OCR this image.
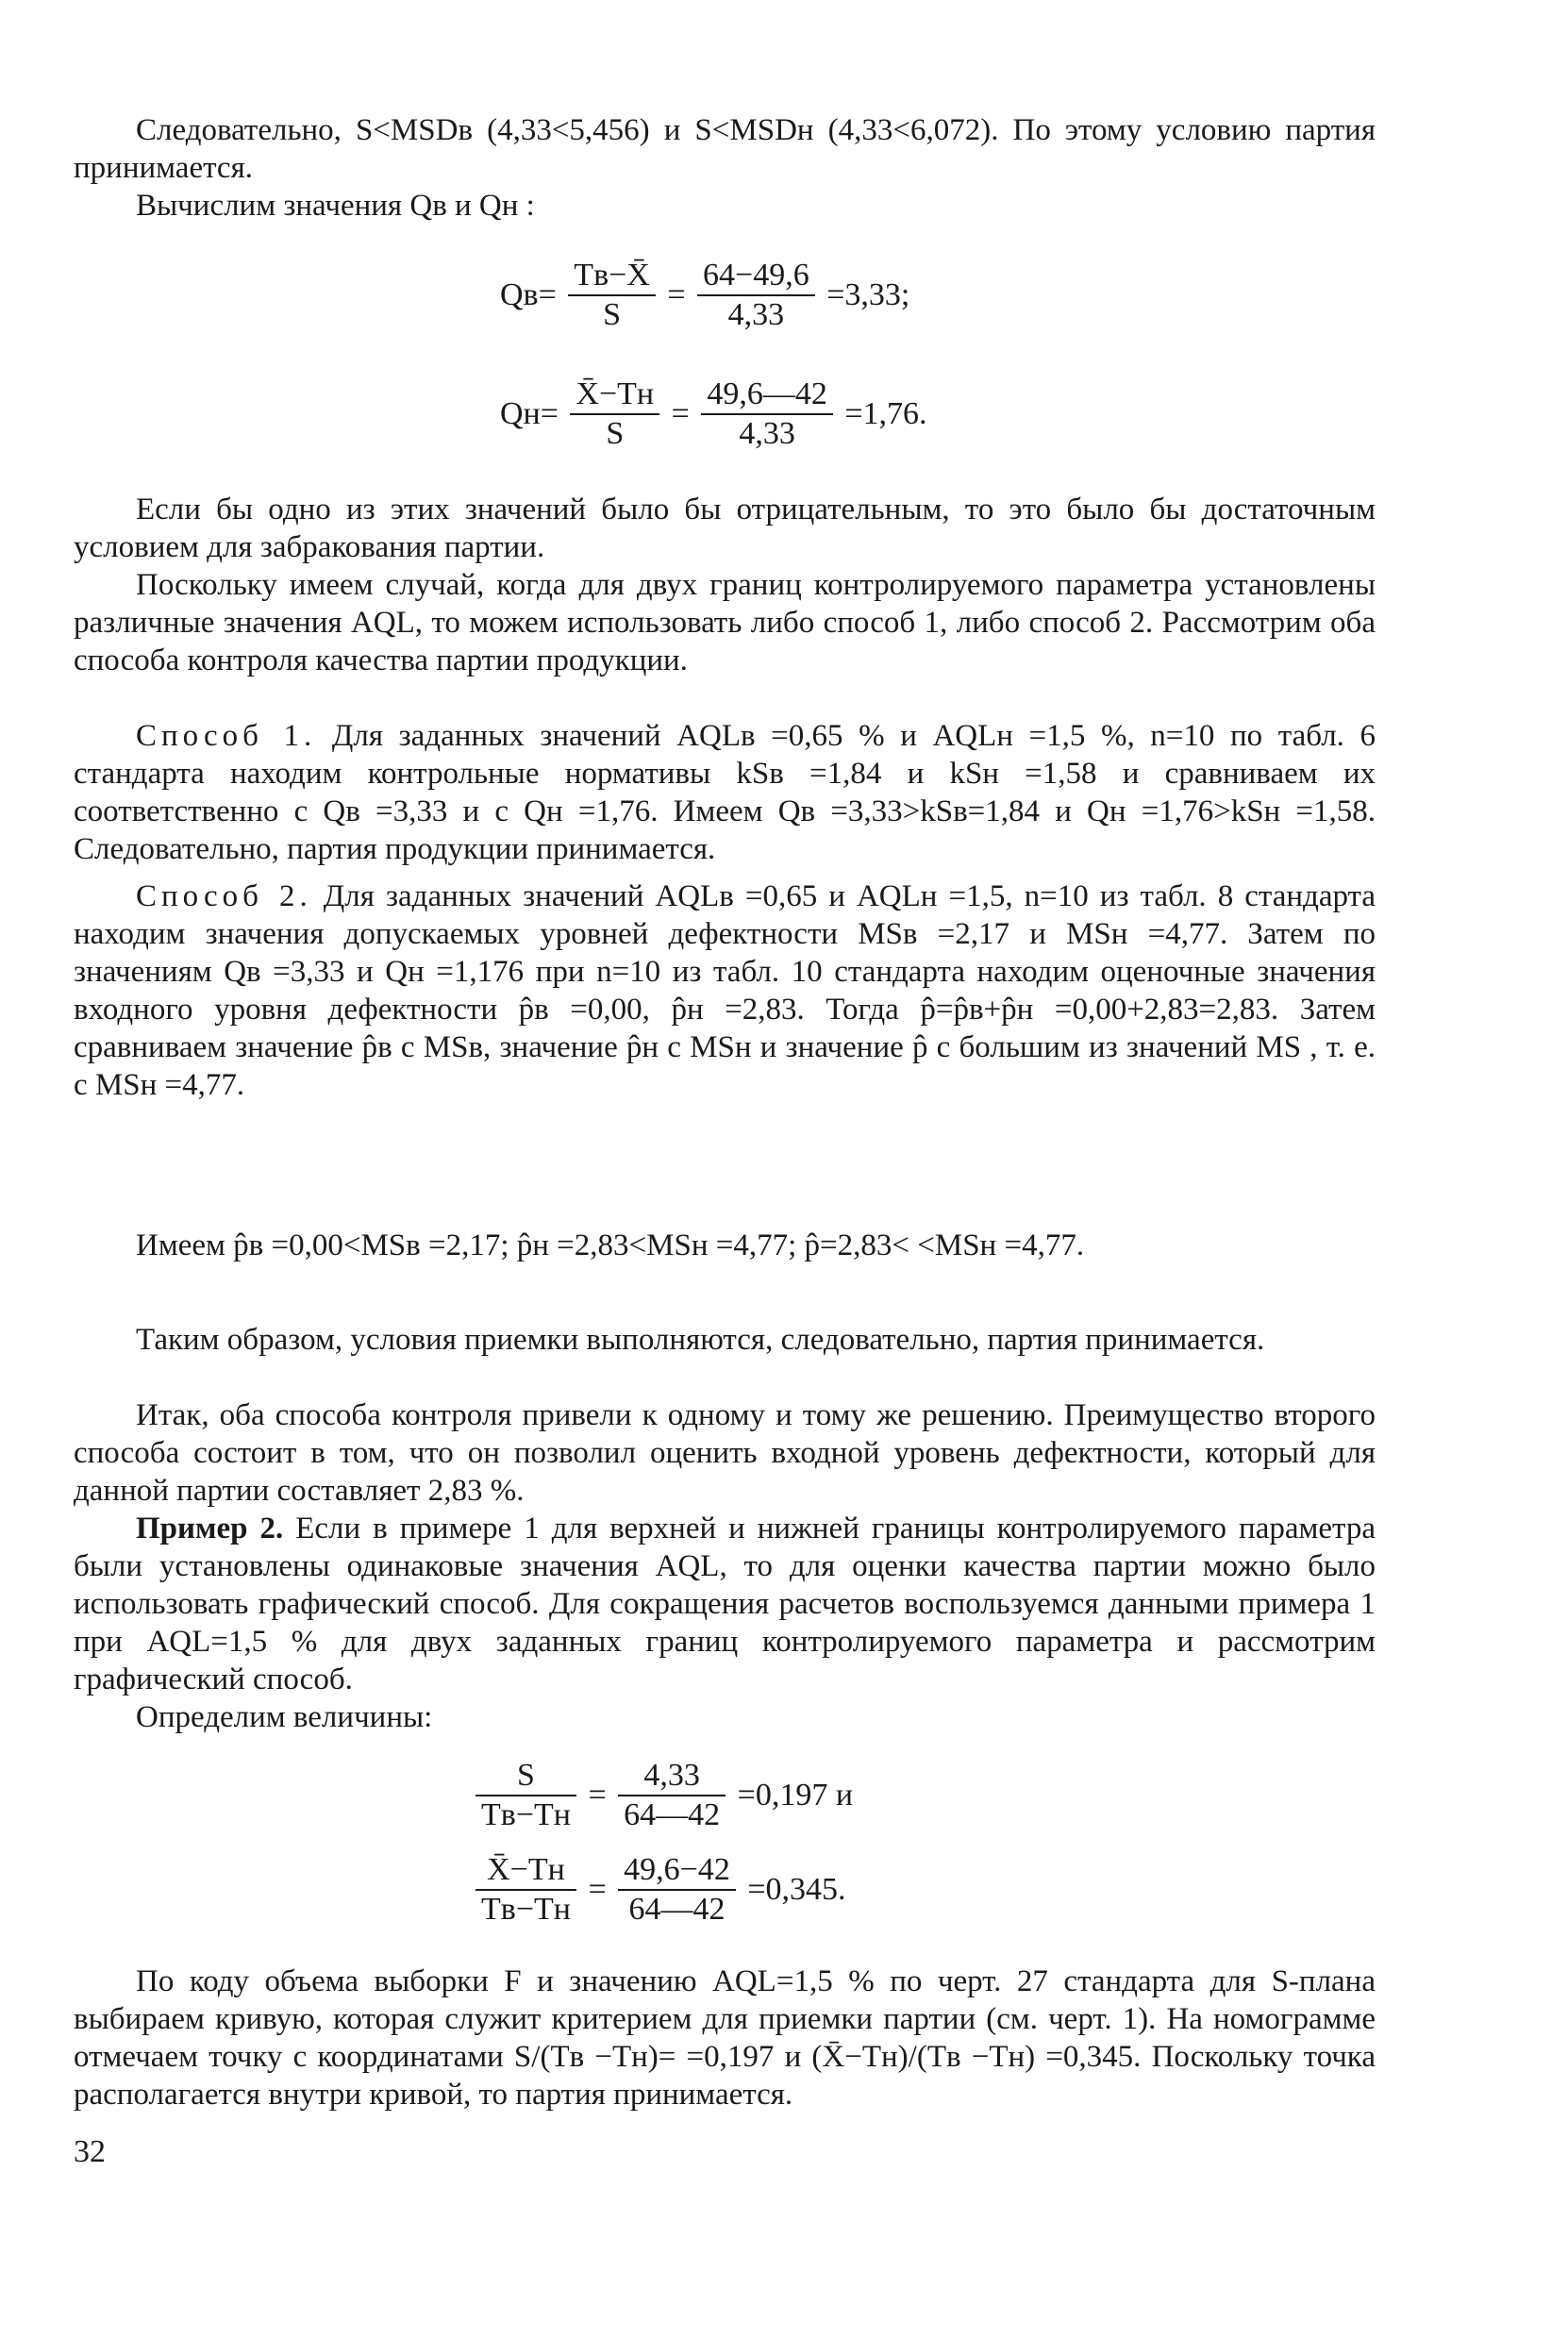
Следовательно, S<MSDв (4,33<5,456) и S<MSDн (4,33<6,072). По этому условию партия принимается.

Вычислим значения Qв и Qн :

$Qв= \frac{Tв-X̄}{S} = \frac{64-49,6}{4,33} =3,33$;
$Qн= \frac{X̄-Tн}{S} = \frac{49,6—42}{4,33} =1,76$.

Если бы одно из этих значений было бы отрицательным, то это было бы достаточным условием для забракования партии.

Поскольку имеем случай, когда для двух границ контролируемого параметра установлены различные значения AQL, то можем использовать либо способ 1, либо способ 2. Рассмотрим оба способа контроля качества партии продукции.

Способ 1. Для заданных значений AQLв =0,65 % и AQLн =1,5 %, n=10 по табл. 6 стандарта находим контрольные нормативы kSв =1,84 и kSн =1,58 и сравниваем их соответственно с Qв =3,33 и с Qн =1,76. Имеем Qв =3,33>kSв=1,84 и Qн =1,76>kSн =1,58. Следовательно, партия продукции принимается.

Способ 2. Для заданных значений AQLв =0,65 и AQLн =1,5, n=10 из табл. 8 стандарта находим значения допускаемых уровней дефектности MSв =2,17 и MSн =4,77. Затем по значениям Qв =3,33 и Qн =1,176 при n=10 из табл. 10 стандарта находим оценочные значения входного уровня дефектности p̂в =0,00, p̂н =2,83. Тогда p̂=p̂в+p̂н =0,00+2,83=2,83. Затем сравниваем значение p̂в с MSв, значение p̂н с MSн и значение p̂ с большим из значений MS , т. е. с MSн =4,77.

Имеем p̂в =0,00<MSв =2,17; p̂н =2,83<MSн =4,77; p̂=2,83< <MSн =4,77.

Таким образом, условия приемки выполняются, следовательно, партия принимается.

Итак, оба способа контроля привели к одному и тому же решению. Преимущество второго способа состоит в том, что он позволил оценить входной уровень дефектности, который для данной партии составляет 2,83 %.

Пример 2. Если в примере 1 для верхней и нижней границы контролируемого параметра были установлены одинаковые значения AQL, то для оценки качества партии можно было использовать графический способ. Для сокращения расчетов воспользуемся данными примера 1 при AQL=1,5 % для двух заданных границ контролируемого параметра и рассмотрим графический способ.

Определим величины:

$\frac{S}{Tв-Tн} = \frac{4,33}{64—42} =0,197$ и
$\frac{X̄-Tн}{Tв-Tн} = \frac{49,6-42}{64—42} =0,345$.

По коду объема выборки F и значению AQL=1,5 % по черт. 27 стандарта для S-плана выбираем кривую, которая служит критерием для приемки партии (см. черт. 1). На номограмме отмечаем точку с координатами S/(Tв −Tн)= =0,197 и (X̄−Tн)/(Tв −Tн) =0,345. Поскольку точка располагается внутри кривой, то партия принимается.

32
